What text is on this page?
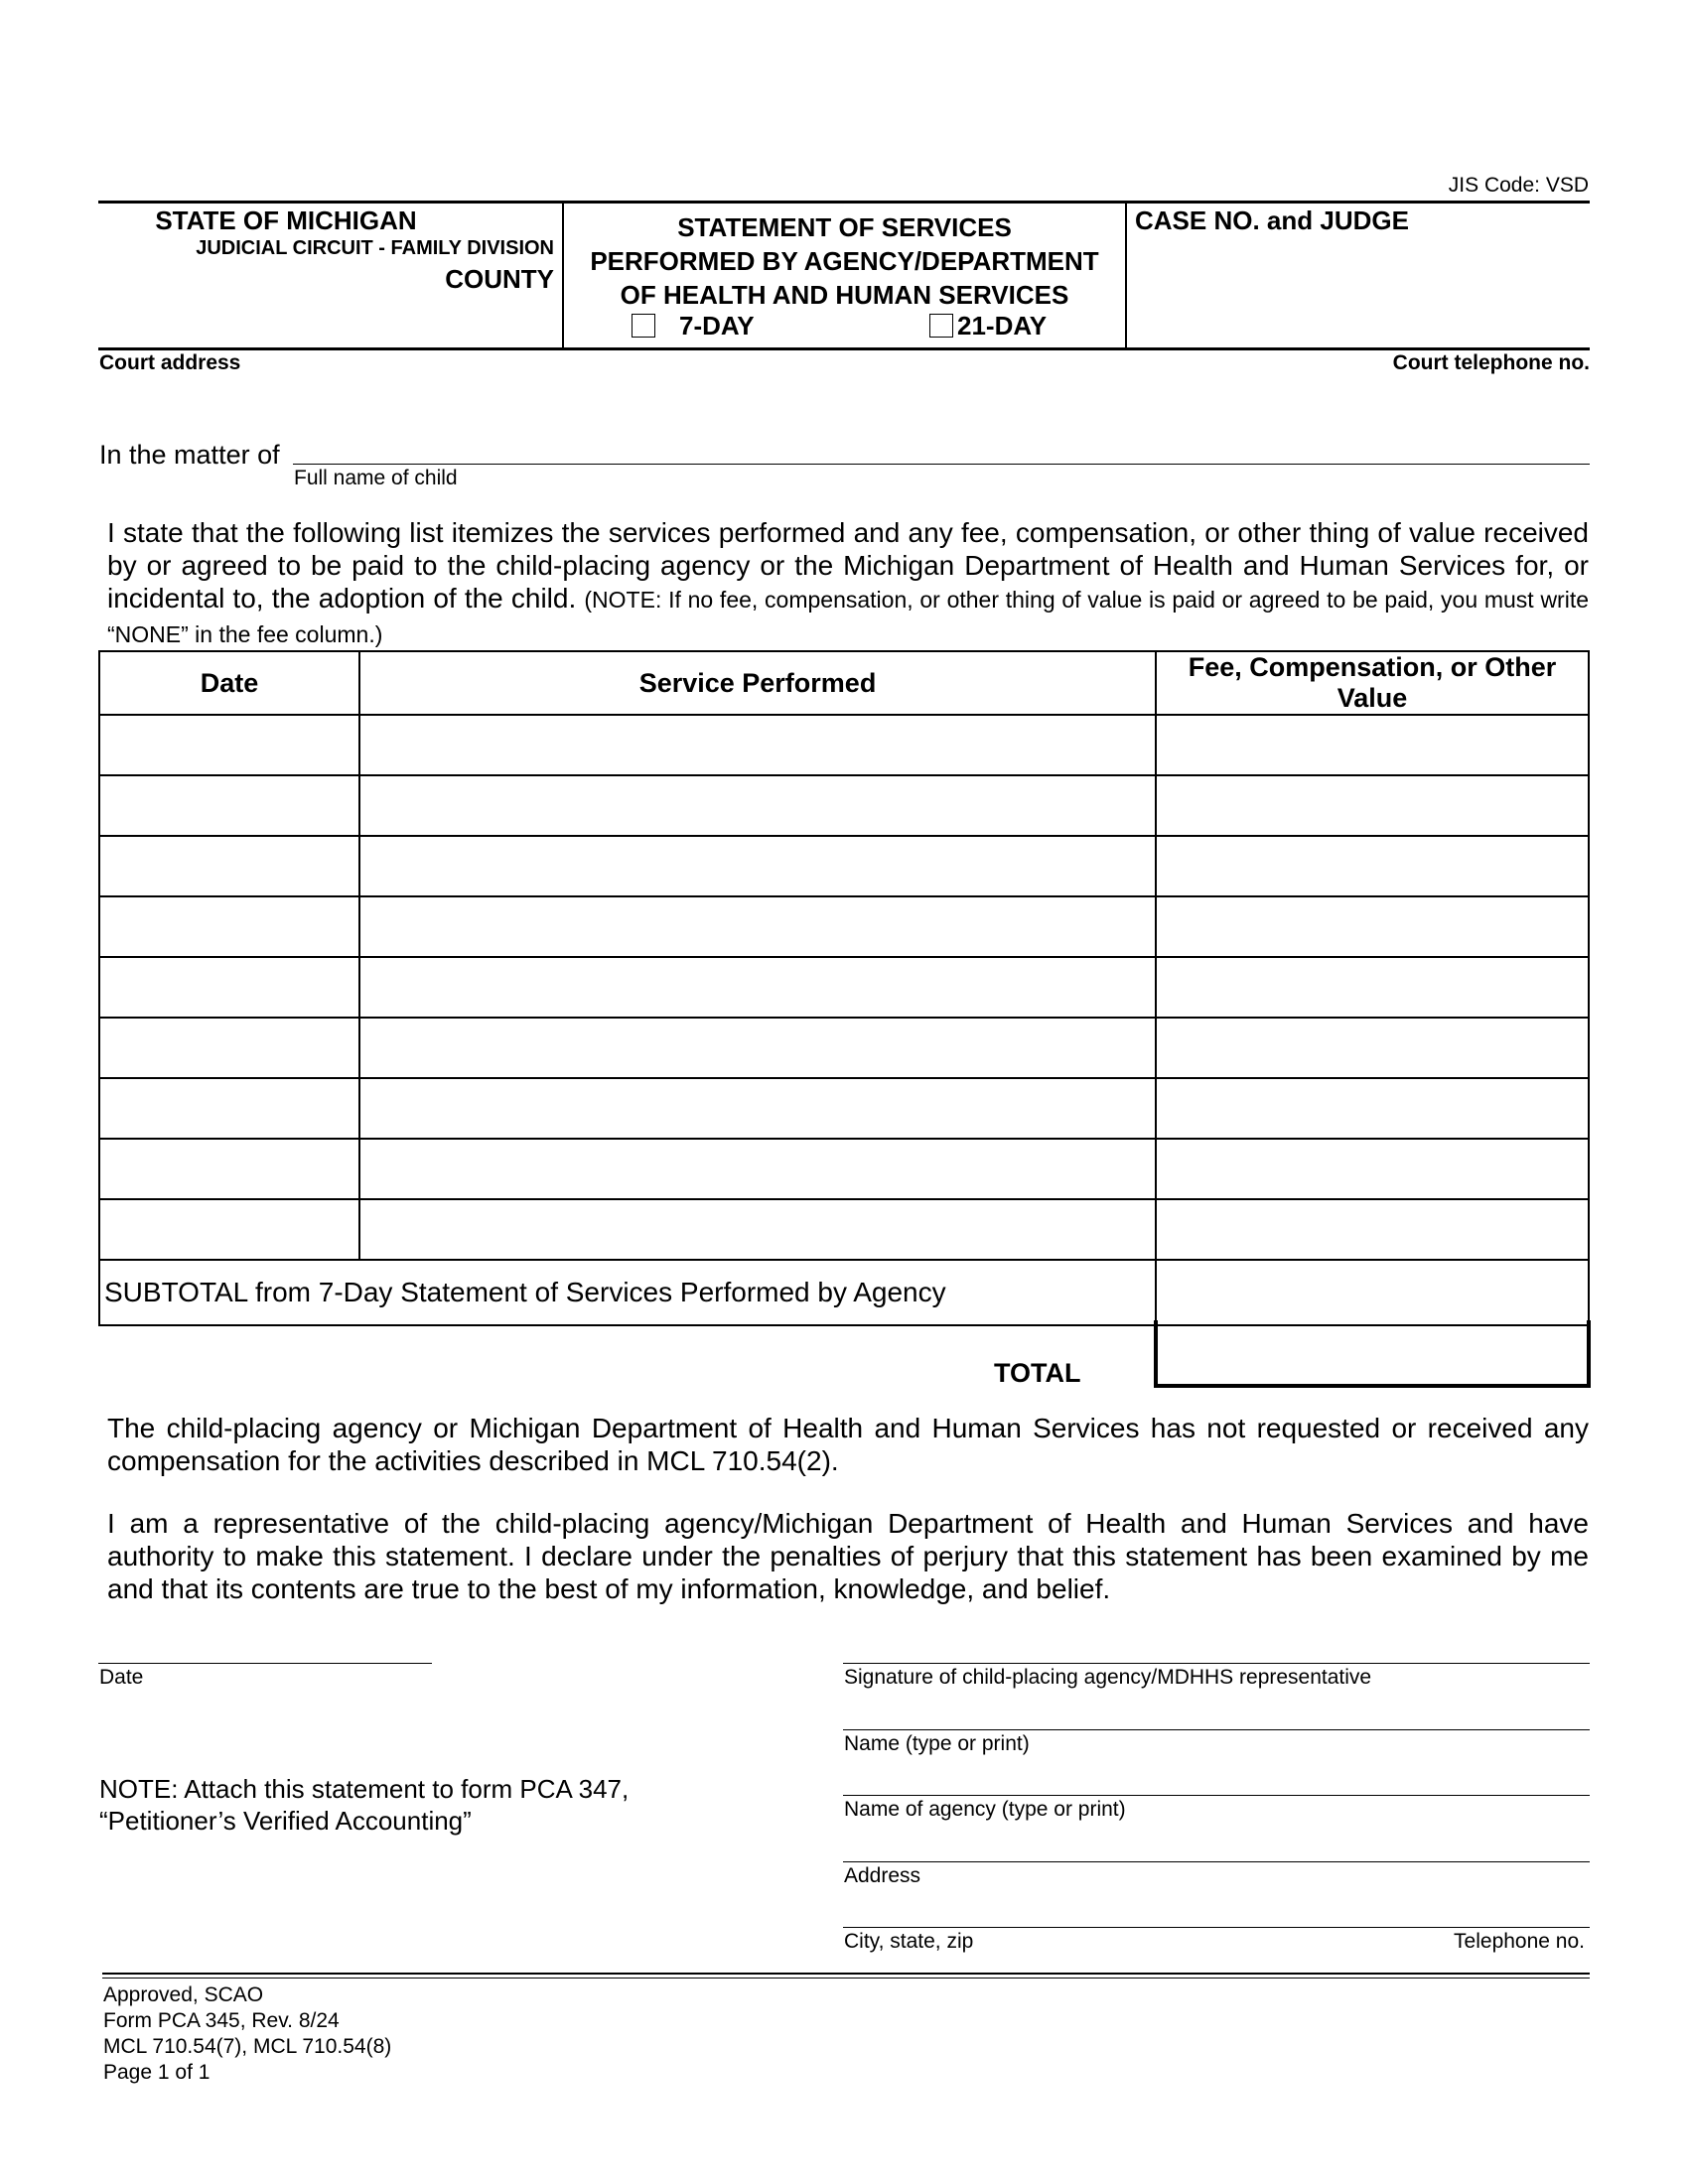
JIS Code: VSD
STATE OF MICHIGAN
JUDICIAL CIRCUIT - FAMILY DIVISION
COUNTY
STATEMENT OF SERVICES
PERFORMED BY AGENCY/DEPARTMENT
OF HEALTH AND HUMAN SERVICES
7-DAY	21-DAY
CASE NO. and JUDGE
Court address	Court telephone no.
In the matter of
Full name of child
I state that the following list itemizes the services performed and any fee, compensation, or other thing of value received by or agreed to be paid to the child-placing agency or the Michigan Department of Health and Human Services for, or incidental to, the adoption of the child. (NOTE: If no fee, compensation, or other thing of value is paid or agreed to be paid, you must write “NONE” in the fee column.)
Date	Service Performed	Fee, Compensation, or Other Value

SUBTOTAL from 7-Day Statement of Services Performed by Agency		
TOTAL
The child-placing agency or Michigan Department of Health and Human Services has not requested or received any compensation for the activities described in MCL 710.54(2).
I am a representative of the child-placing agency/Michigan Department of Health and Human Services and have authority to make this statement. I declare under the penalties of perjury that this statement has been examined by me and that its contents are true to the best of my information, knowledge, and belief.
Date	Signature of child-placing agency/MDHHS representative
Name (type or print)
Name of agency (type or print)
Address
City, state, zip	Telephone no.
NOTE: Attach this statement to form PCA 347,
“Petitioner’s Verified Accounting”
Approved, SCAO
Form PCA 345, Rev. 8/24
MCL 710.54(7), MCL 710.54(8)
Page 1 of 1
